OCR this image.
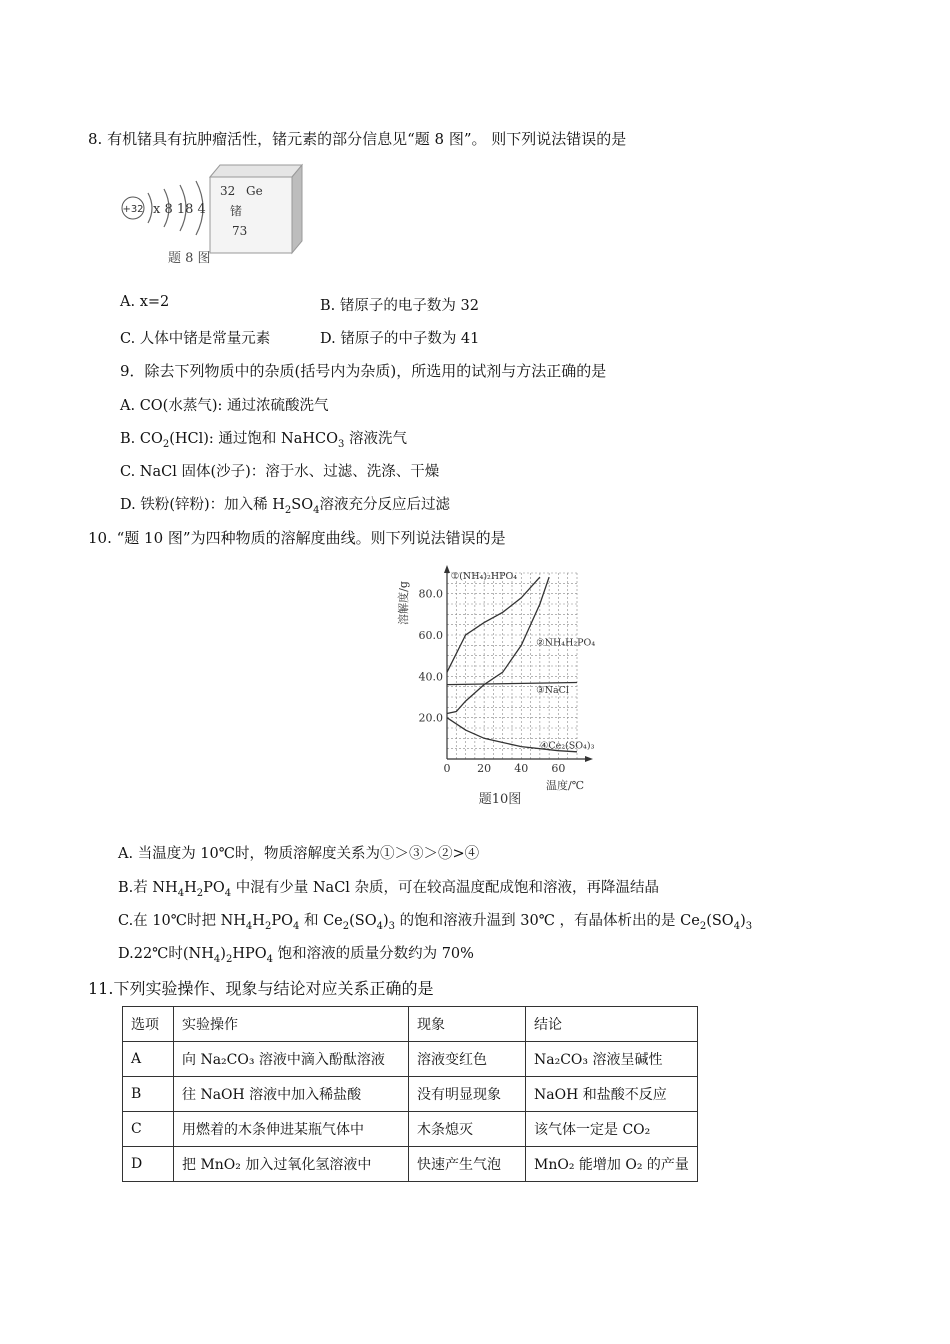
8. 有机锗具有抗肿瘤活性，锗元素的部分信息见“题 8 图”。 则下列说法错误的是
+32 x 8 18 4
32 Ge
锗
73
题 8 图
A. x=2	B. 锗原子的电子数为 32
C. 人体中锗是常量元素	D. 锗原子的中子数为 41
9．除去下列物质中的杂质(括号内为杂质)，所选用的试剂与方法正确的是
A. CO(水蒸气): 通过浓硫酸洗气
B. $CO_2(HCl)$: 通过饱和 NaHCO$_3$ 溶液洗气
C. NaCl 固体(沙子)：溶于水、过滤、洗涤、干燥
D. 铁粉(锌粉)：加入稀 $H_2SO_4$溶液充分反应后过滤
10. “题 10 图”为四种物质的溶解度曲线。则下列说法错误的是
20.0
40.0
60.0
80.0
0 20 40 60
溶解度/g
温度/℃
题10图
①(NH₄)₂HPO₄
②NH₄H₂PO₄
③NaCl
④Ce₂(SO₄)₃
A. 当温度为 10℃时，物质溶解度关系为①＞③＞②>④
B.若 $NH_4H_2PO_4$ 中混有少量 NaCl 杂质，可在较高温度配成饱和溶液，再降温结晶
C.在 10℃时把 $NH_4H_2PO_4$ 和 $Ce_2(SO_4)_3$ 的饱和溶液升温到 30℃ ，有晶体析出的是 $Ce_2(SO_4)_3$
D.22℃时$(NH_4)_2HPO_4$ 饱和溶液的质量分数约为 70%
11.下列实验操作、现象与结论对应关系正确的是
选项	实验操作	现象	结论
A	向 Na₂CO₃ 溶液中滴入酚酞溶液	溶液变红色	Na₂CO₃ 溶液呈碱性
B	往 NaOH 溶液中加入稀盐酸	没有明显现象	NaOH 和盐酸不反应
C	用燃着的木条伸进某瓶气体中	木条熄灭	该气体一定是 CO₂
D	把 MnO₂ 加入过氧化氢溶液中	快速产生气泡	MnO₂ 能增加 O₂ 的产量
